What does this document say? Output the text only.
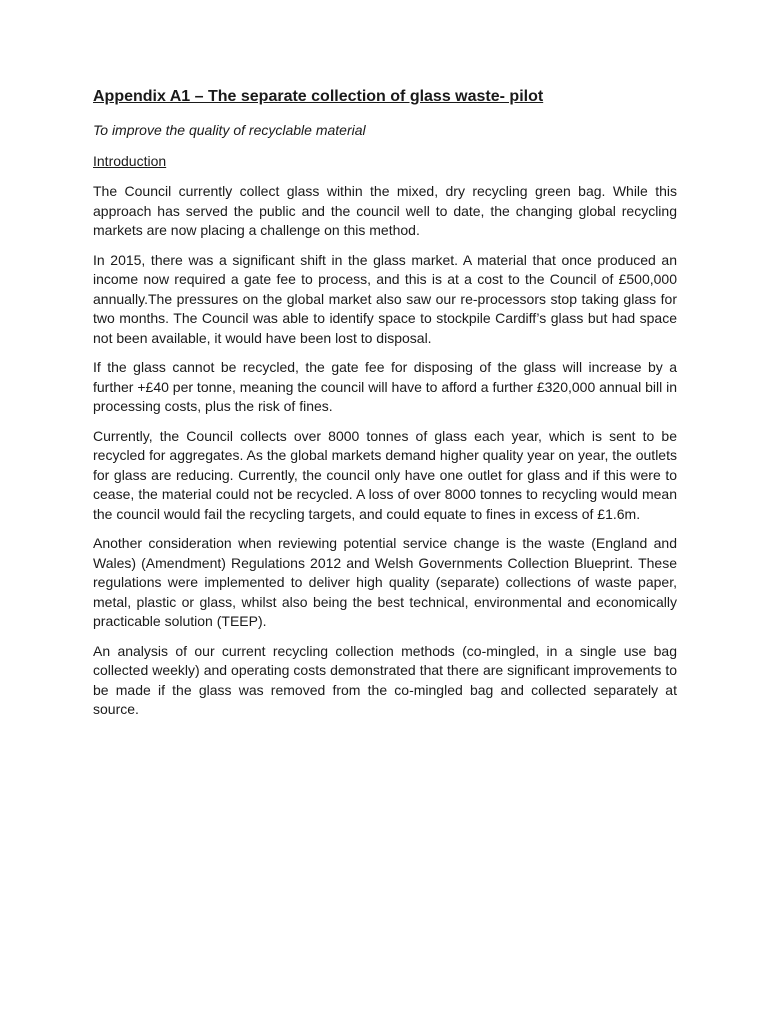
Appendix A1 – The separate collection of glass waste- pilot
To improve the quality of recyclable material
Introduction

The Council currently collect glass within the mixed, dry recycling green bag. While this approach has served the public and the council well to date, the changing global recycling markets are now placing a challenge on this method.

In 2015, there was a significant shift in the glass market. A material that once produced an income now required a gate fee to process, and this is at a cost to the Council of £500,000 annually.The pressures on the global market also saw our re-processors stop taking glass for two months. The Council was able to identify space to stockpile Cardiff’s glass but had space not been available, it would have been lost to disposal.

If the glass cannot be recycled, the gate fee for disposing of the glass will increase by a further +£40 per tonne, meaning the council will have to afford a further £320,000 annual bill in processing costs, plus the risk of fines.

Currently, the Council collects over 8000 tonnes of glass each year, which is sent to be recycled for aggregates. As the global markets demand higher quality year on year, the outlets for glass are reducing. Currently, the council only have one outlet for glass and if this were to cease, the material could not be recycled. A loss of over 8000 tonnes to recycling would mean the council would fail the recycling targets, and could equate to fines in excess of £1.6m.

Another consideration when reviewing potential service change is the waste (England and Wales) (Amendment) Regulations 2012 and Welsh Governments Collection Blueprint. These regulations were implemented to deliver high quality (separate) collections of waste paper, metal, plastic or glass, whilst also being the best technical, environmental and economically practicable solution (TEEP).

An analysis of our current recycling collection methods (co-mingled, in a single use bag collected weekly) and operating costs demonstrated that there are significant improvements to be made if the glass was removed from the co-mingled bag and collected separately at source.
